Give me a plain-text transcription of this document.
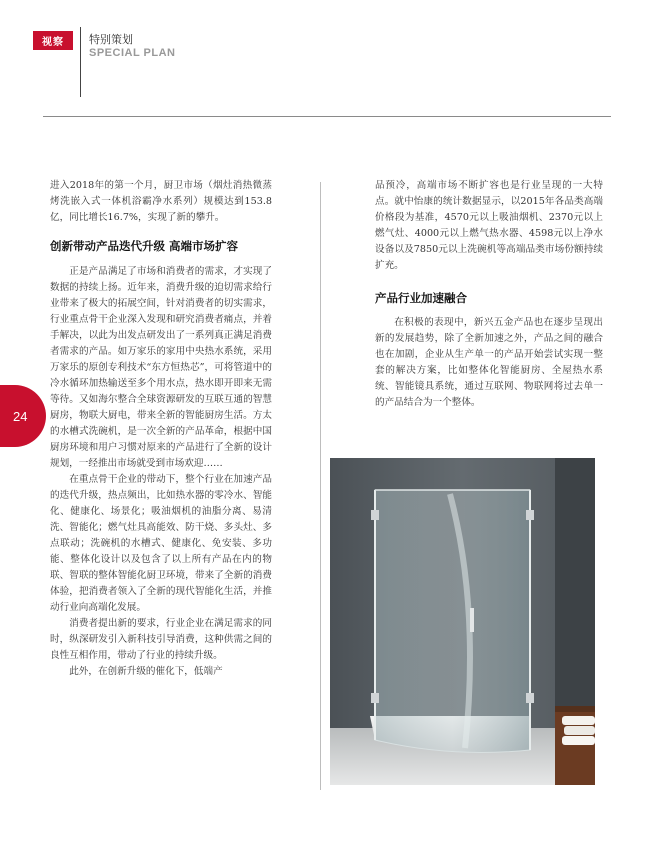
视察	特别策划
SPECIAL PLAN
24

进入2018年的第一个月，厨卫市场（烟灶消热微蒸烤洗嵌入式一体机浴霸净水系列）规模达到153.8亿，同比增长16.7%，实现了新的攀升。

创新带动产品迭代升级 高端市场扩容

正是产品满足了市场和消费者的需求，才实现了数据的持续上扬。近年来，消费升级的迫切需求给行业带来了极大的拓展空间，针对消费者的切实需求，行业重点骨干企业深入发现和研究消费者痛点，并着手解决，以此为出发点研发出了一系列真正满足消费者需求的产品。如万家乐的家用中央热水系统，采用万家乐的原创专利技术“东方恒热芯”，可将管道中的冷水循环加热输送至多个用水点，热水即开即来无需等待。又如海尔整合全球资源研发的互联互通的智慧厨房，物联大厨电，带来全新的智能厨房生活。方太的水槽式洗碗机，是一次全新的产品革命，根据中国厨房环境和用户习惯对原来的产品进行了全新的设计规划，一经推出市场就受到市场欢迎……

在重点骨干企业的带动下，整个行业在加速产品的迭代升级，热点频出，比如热水器的零冷水、智能化、健康化、场景化；吸油烟机的油脂分离、易清洗、智能化；燃气灶具高能效、防干烧、多头灶、多点联动；洗碗机的水槽式、健康化、免安装、多功能、整体化设计以及包含了以上所有产品在内的物联、智联的整体智能化厨卫环境，带来了全新的消费体验，把消费者领入了全新的现代智能化生活，并推动行业向高端化发展。

消费者提出新的要求，行业企业在满足需求的同时，纵深研发引入新科技引导消费，这种供需之间的良性互相作用，带动了行业的持续升级。

此外，在创新升级的催化下，低端产

品预冷，高端市场不断扩容也是行业呈现的一大特点。就中怡康的统计数据显示，以2015年各品类高端价格段为基准，4570元以上吸油烟机、2370元以上燃气灶、4000元以上燃气热水器、4598元以上净水设备以及7850元以上洗碗机等高端品类市场份额持续扩充。

产品行业加速融合

在积极的表现中，新兴五金产品也在逐步呈现出新的发展趋势，除了全新加速之外，产品之间的融合也在加剧，企业从生产单一的产品开始尝试实现一整套的解决方案，比如整体化智能厨房、全屋热水系统、智能镜具系统，通过互联网、物联网将过去单一的产品结合为一个整体。
